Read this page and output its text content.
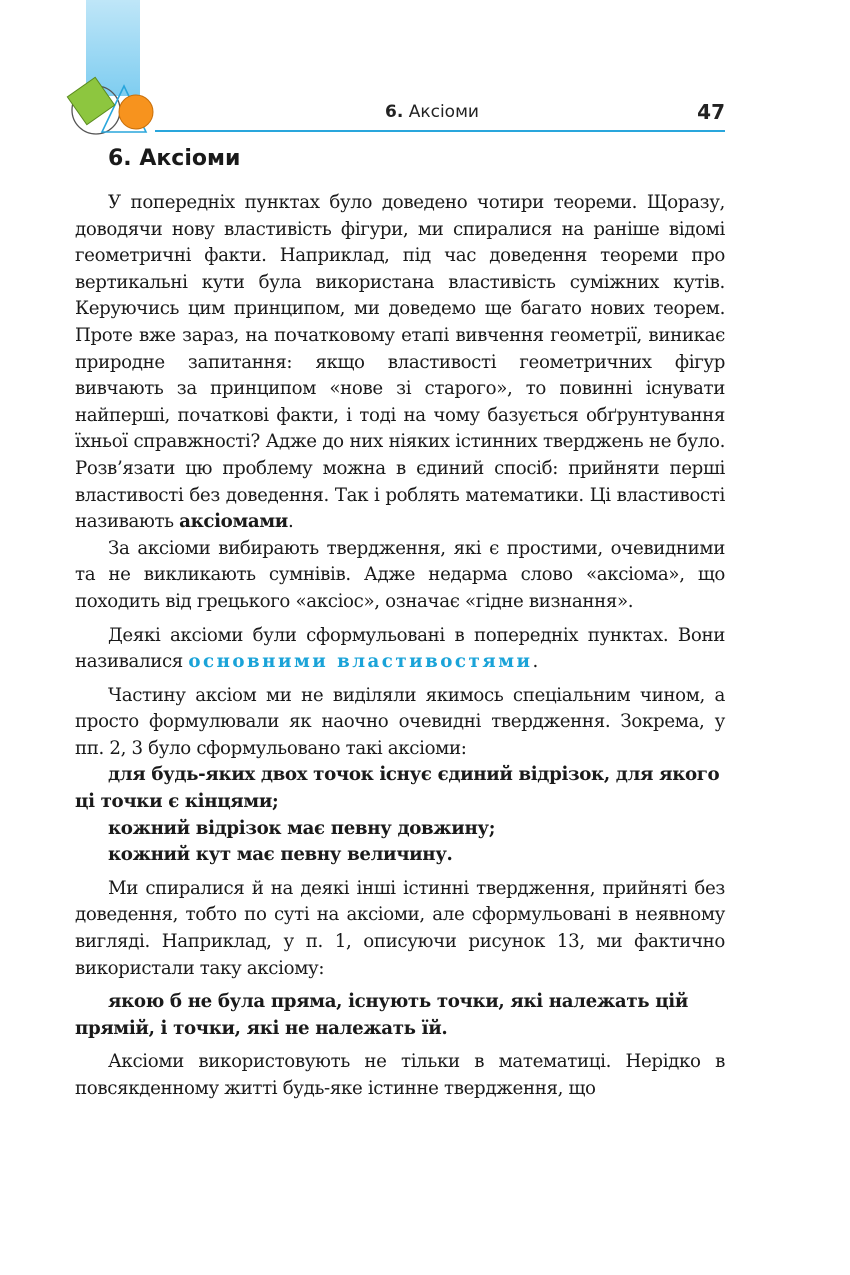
6. Аксіоми	47
6. Аксіоми

У попередніх пунктах було доведено чотири теореми. Щоразу, доводячи нову властивість фігури, ми спиралися на раніше відомі геометричні факти. Наприклад, під час доведення теореми про вертикальні кути була використана властивість суміжних кутів. Керуючись цим принципом, ми доведемо ще багато нових теорем. Проте вже зараз, на початковому етапі вивчення геометрії, виникає природне запитання: якщо властивості геометричних фігур вивчають за принципом «нове зі старого», то повинні існувати найперші, початкові факти, і тоді на чому базується обґрунтування їхньої справжності? Адже до них ніяких істинних тверджень не було. Розв’язати цю проблему можна в єдиний спосіб: прийняти перші властивості без доведення. Так і роблять математики. Ці властивості називають аксіомами.

За аксіоми вибирають твердження, які є простими, очевидними та не викликають сумнівів. Адже недарма слово «аксіома», що походить від грецького «аксіос», означає «гідне визнання».

Деякі аксіоми були сформульовані в попередніх пунктах. Вони називалися основними властивостями.

Частину аксіом ми не виділяли якимось спеціальним чином, а просто формулювали як наочно очевидні твердження. Зокрема, у пп. 2, 3 було сформульовано такі аксіоми:

для будь-яких двох точок існує єдиний відрізок, для якого ці точки є кінцями;

кожний відрізок має певну довжину;

кожний кут має певну величину.

Ми спиралися й на деякі інші істинні твердження, прийняті без доведення, тобто по суті на аксіоми, але сформульовані в неявному вигляді. Наприклад, у п. 1, описуючи рисунок 13, ми фактично використали таку аксіому:

якою б не була пряма, існують точки, які належать цій прямій, і точки, які не належать їй.

Аксіоми використовують не тільки в математиці. Нерідко в повсякденному житті будь-яке істинне твердження, що
